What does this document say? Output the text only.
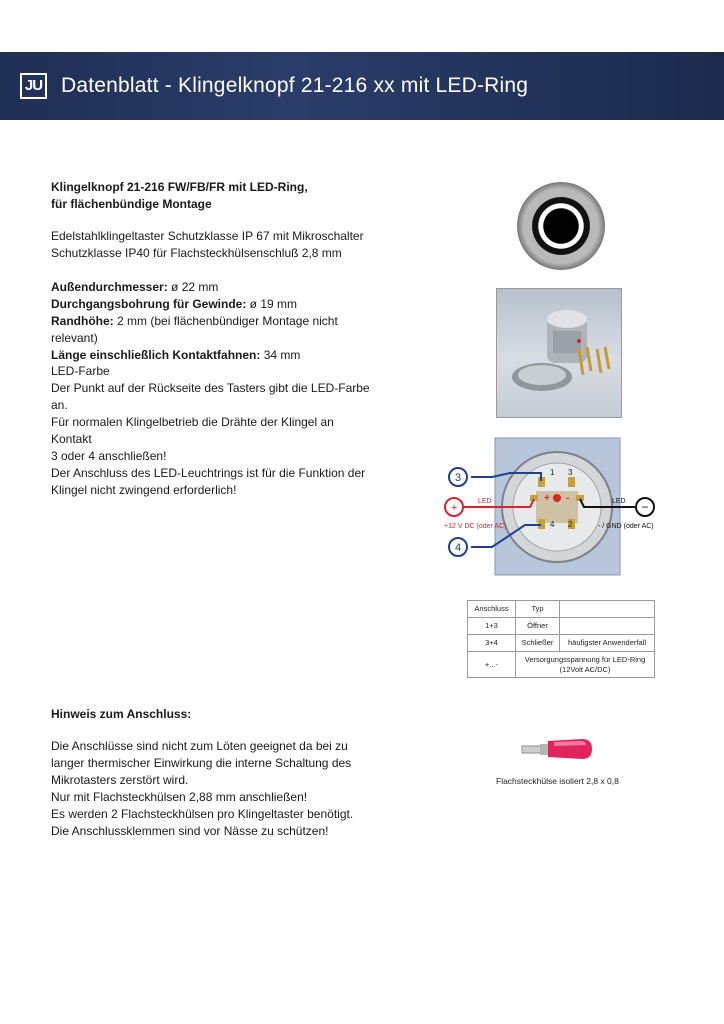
JU Datenblatt - Klingelknopf 21-216 xx mit LED-Ring

Klingelknopf 21-216 FW/FB/FR mit LED-Ring,

für flächenbündige Montage

Edelstahlklingeltaster Schutzklasse IP 67 mit Mikroschalter

Schutzklasse IP40 für Flachsteckhülsenschluß 2,8 mm

Außendurchmesser: ø 22 mm

Durchgangsbohrung für Gewinde: ø 19 mm

Randhöhe: 2 mm (bei flächenbündiger Montage nicht relevant)

Länge einschließlich Kontaktfahnen: 34 mm

LED-Farbe

Der Punkt auf der Rückseite des Tasters gibt die LED-Farbe an.

Für normalen Klingelbetrieb die Drähte der Klingel an Kontakt

3 oder 4 anschließen!

Der Anschluss des LED-Leuchtrings ist für die Funktion der

Klingel nicht zwingend erforderlich!

3
4
+	−
1 3
4 2
+ -
LED	LED
+12 V DC (oder AC)	- / GND (oder AC)
Anschluss	Typ	
1+3	Öffner	
3+4	Schließer	häufigster Anwenderfall
+...-	Versorgungsspannung für LED-Ring
(12Volt AC/DC)	

Hinweis zum Anschluss:

Die Anschlüsse sind nicht zum Löten geeignet da bei zu

langer thermischer Einwirkung die interne Schaltung des

Mikrotasters zerstört wird.

Nur mit Flachsteckhülsen 2,88 mm anschließen!

Es werden 2 Flachsteckhülsen pro Klingeltaster benötigt.

Die Anschlussklemmen sind vor Nässe zu schützen!

Flachsteckhülse isoliert 2,8 x 0,8
